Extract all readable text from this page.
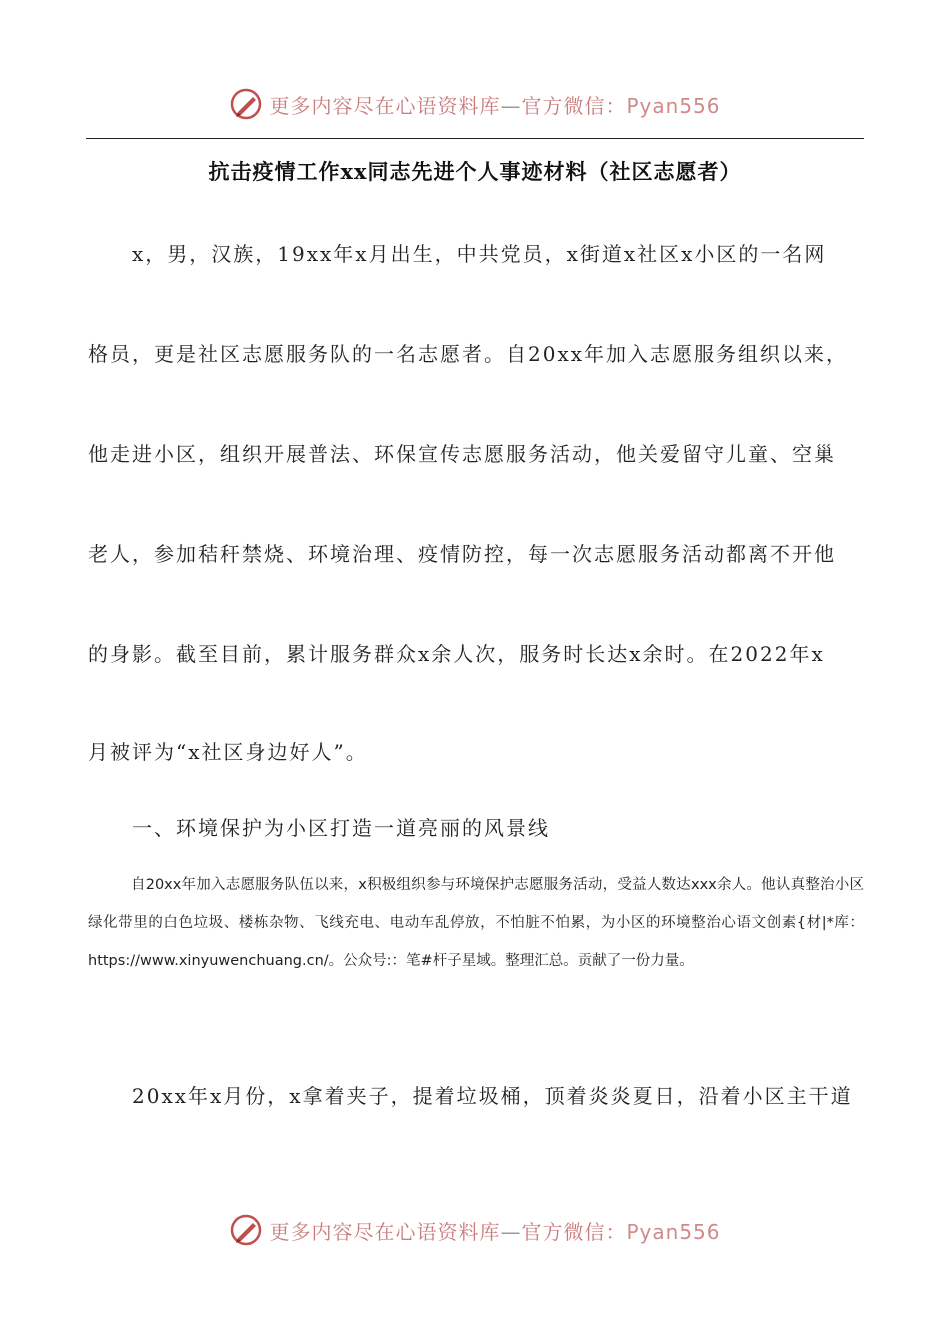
更多内容尽在心语资料库—官方微信：Pyan556
抗击疫情工作xx同志先进个人事迹材料（社区志愿者）
x，男，汉族，19xx年x月出生，中共党员，x街道x社区x小区的一名网
格员，更是社区志愿服务队的一名志愿者。自20xx年加入志愿服务组织以来，
他走进小区，组织开展普法、环保宣传志愿服务活动，他关爱留守儿童、空巢
老人，参加秸秆禁烧、环境治理、疫情防控，每一次志愿服务活动都离不开他
的身影。截至目前，累计服务群众x余人次，服务时长达x余时。在2022年x
月被评为“x社区身边好人”。
一、环境保护为小区打造一道亮丽的风景线
自20xx年加入志愿服务队伍以来，x积极组织参与环境保护志愿服务活动，受益人数达xxx余人。他认真整治小区绿化带里的白色垃圾、楼栋杂物、飞线充电、电动车乱停放，不怕脏不怕累，为小区的环境整治心语文创素{材|*库：https://www.xinyuwenchuang.cn/。公众号:：笔#杆子星域。整理汇总。贡献了一份力量。
20xx年x月份，x拿着夹子，提着垃圾桶，顶着炎炎夏日，沿着小区主干道
更多内容尽在心语资料库—官方微信：Pyan556
